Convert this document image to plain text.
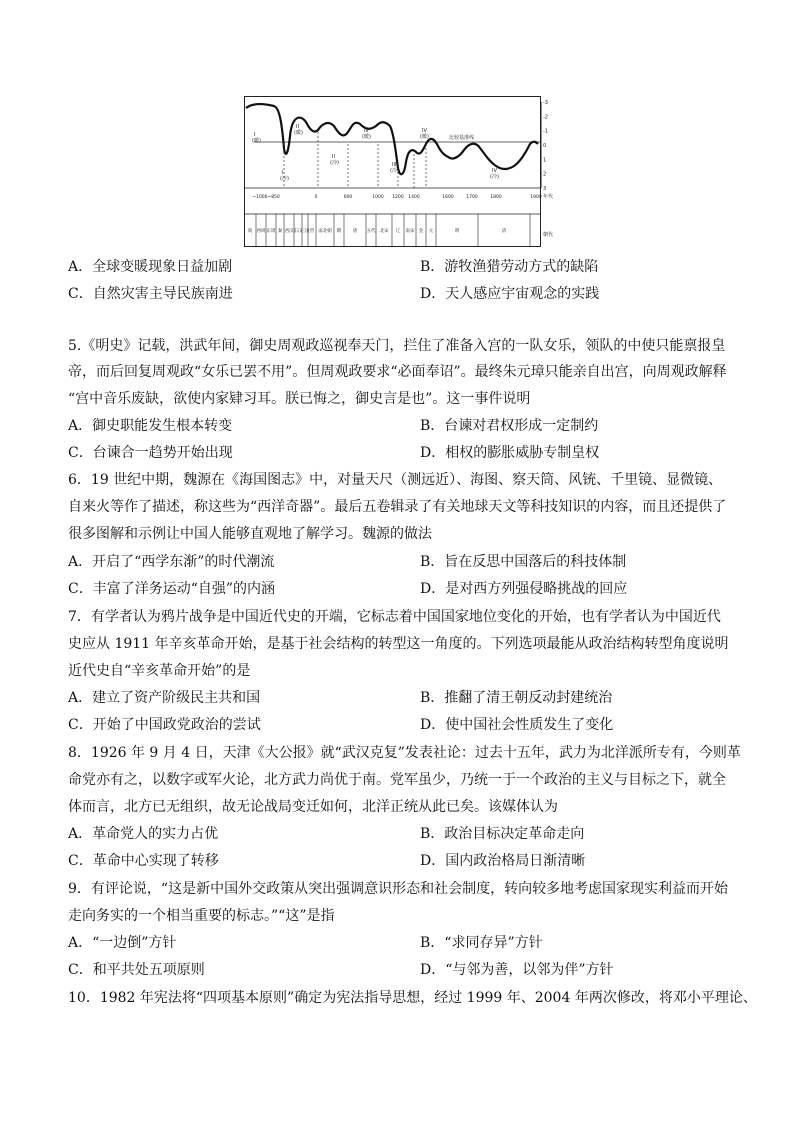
-3
-2
-1
0
1
2
3
比较基准线
I
(暖)
II
(暖)	III
(暖)
IV
(暖)
I
(冷)
II
(冷)	III
(冷)	IV
(冷)
~1000~850	0	600	1000 1200 1400	1600	1700	1800	1900 年代
商 西周 东周 秦 西汉 东汉
三国 晋 南北朝 隋	唐 五代 北宋 辽 南宋 金 元	明	清
朝代
A．全球变暖现象日益加剧	B．游牧渔猎劳动方式的缺陷
C．自然灾害主导民族南进	D．天人感应宇宙观念的实践
5.《明史》记载，洪武年间，御史周观政巡视奉天门，拦住了准备入宫的一队女乐，领队的中使只能禀报皇
帝，而后回复周观政“女乐已罢不用”。但周观政要求“必面奉诏”。最终朱元璋只能亲自出宫，向周观政解释
“宫中音乐废缺，欲使内家肄习耳。朕已悔之，御史言是也”。这一事件说明
A．御史职能发生根本转变	B．台谏对君权形成一定制约
C．台谏合一趋势开始出现	D．相权的膨胀威胁专制皇权
6．19 世纪中期，魏源在《海国图志》中，对量天尺（测远近）、海图、察天筒、风铳、千里镜、显微镜、
自来火等作了描述，称这些为“西洋奇器”。最后五卷辑录了有关地球天文等科技知识的内容，而且还提供了
很多图解和示例让中国人能够直观地了解学习。魏源的做法
A．开启了“西学东渐”的时代潮流	B．旨在反思中国落后的科技体制
C．丰富了洋务运动“自强”的内涵	D．是对西方列强侵略挑战的回应
7．有学者认为鸦片战争是中国近代史的开端，它标志着中国国家地位变化的开始，也有学者认为中国近代
史应从 1911 年辛亥革命开始，是基于社会结构的转型这一角度的。下列选项最能从政治结构转型角度说明
近代史自“辛亥革命开始”的是
A．建立了资产阶级民主共和国	B．推翻了清王朝反动封建统治
C．开始了中国政党政治的尝试	D．使中国社会性质发生了变化
8．1926 年 9 月 4 日，天津《大公报》就“武汉克复”发表社论：过去十五年，武力为北洋派所专有，今则革
命党亦有之，以数字或军火论，北方武力尚优于南。党军虽少，乃统一于一个政治的主义与目标之下，就全
体而言，北方已无组织，故无论战局变迁如何，北洋正统从此已矣。该媒体认为
A．革命党人的实力占优	B．政治目标决定革命走向
C．革命中心实现了转移	D．国内政治格局日渐清晰
9．有评论说，“这是新中国外交政策从突出强调意识形态和社会制度，转向较多地考虑国家现实利益而开始
走向务实的一个相当重要的标志。”“这”是指
A．“一边倒”方针	B．“求同存异”方针
C．和平共处五项原则	D．“与邻为善，以邻为伴”方针
10．1982 年宪法将“四项基本原则”确定为宪法指导思想，经过 1999 年、2004 年两次修改，将邓小平理论、
